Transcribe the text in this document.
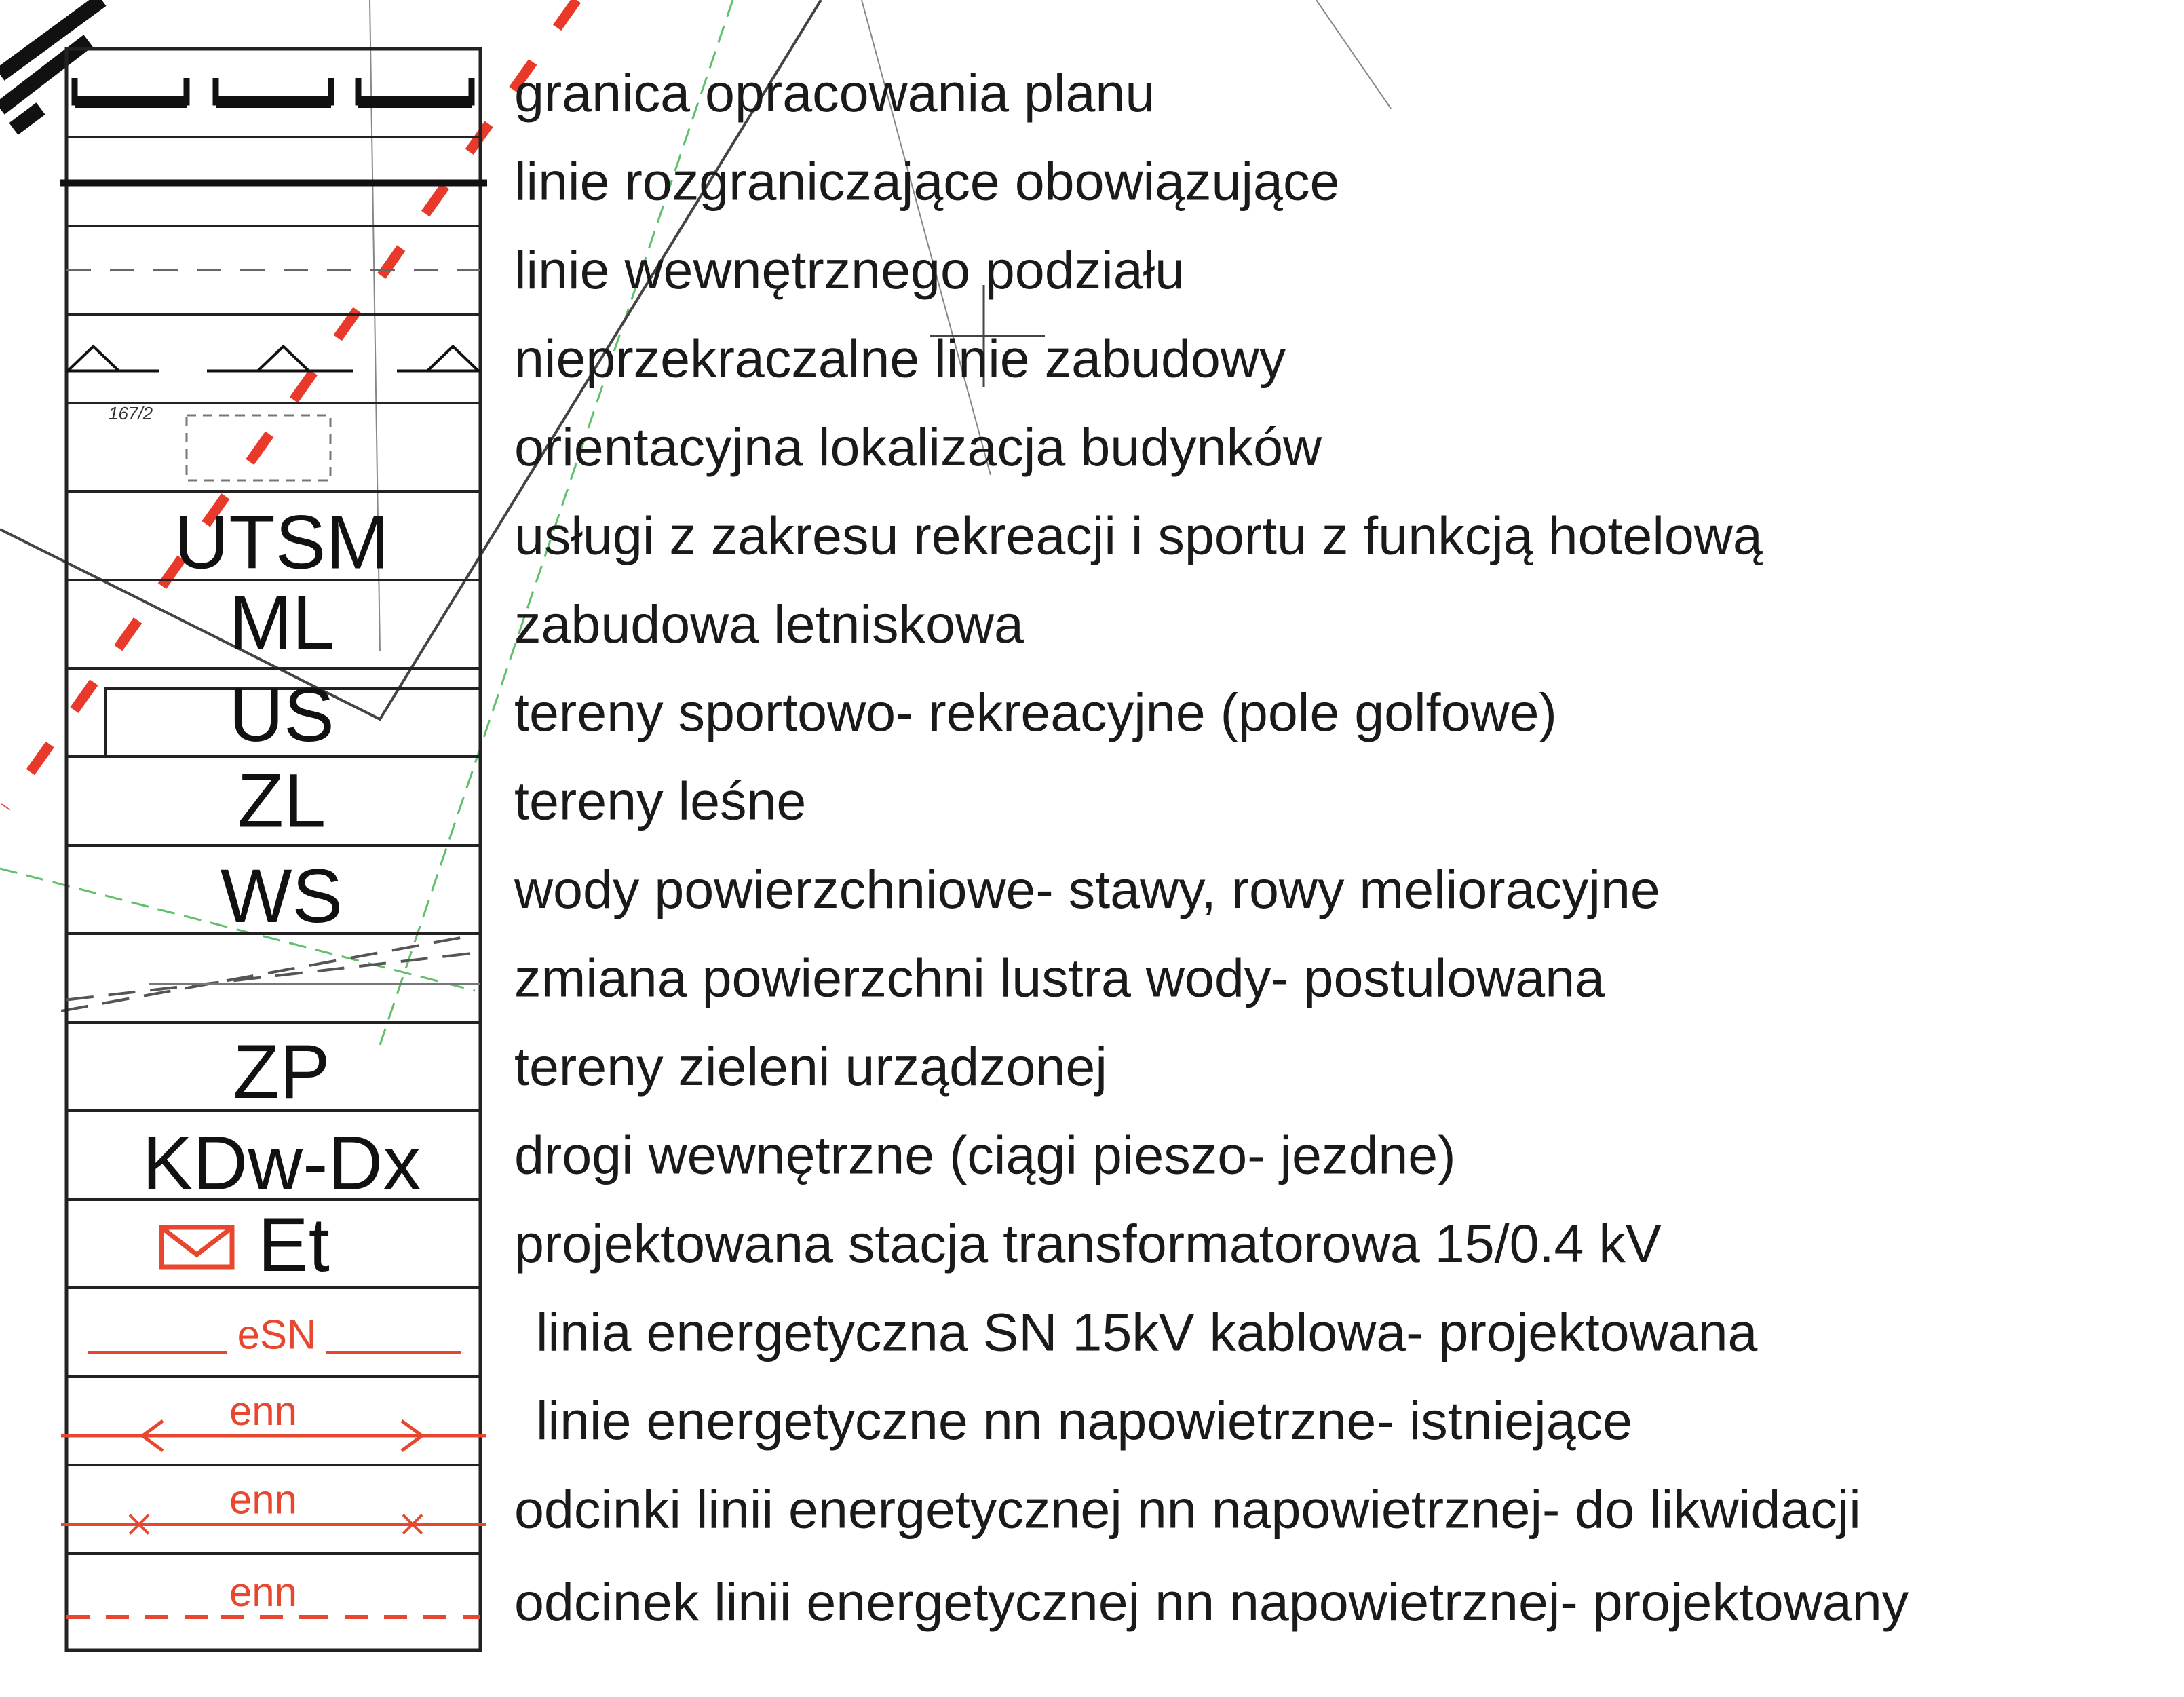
167/2
UTSM
ML
US
ZL
WS
ZP
KDw-Dx
Et
eSN
enn
enn
enn
granica opracowania planu
linie rozgraniczające obowiązujące
linie wewnętrznego podziału
nieprzekraczalne linie zabudowy
orientacyjna lokalizacja budynków
usługi z zakresu rekreacji i sportu z funkcją hotelową
zabudowa letniskowa
tereny sportowo- rekreacyjne (pole golfowe)
tereny leśne
wody powierzchniowe- stawy, rowy melioracyjne
zmiana powierzchni lustra wody- postulowana
tereny zieleni urządzonej
drogi wewnętrzne (ciągi pieszo- jezdne)
projektowana stacja transformatorowa 15/0.4 kV
linia energetyczna SN 15kV kablowa- projektowana
linie energetyczne nn napowietrzne- istniejące
odcinki linii energetycznej nn napowietrznej- do likwidacji
odcinek linii energetycznej nn napowietrznej- projektowany
